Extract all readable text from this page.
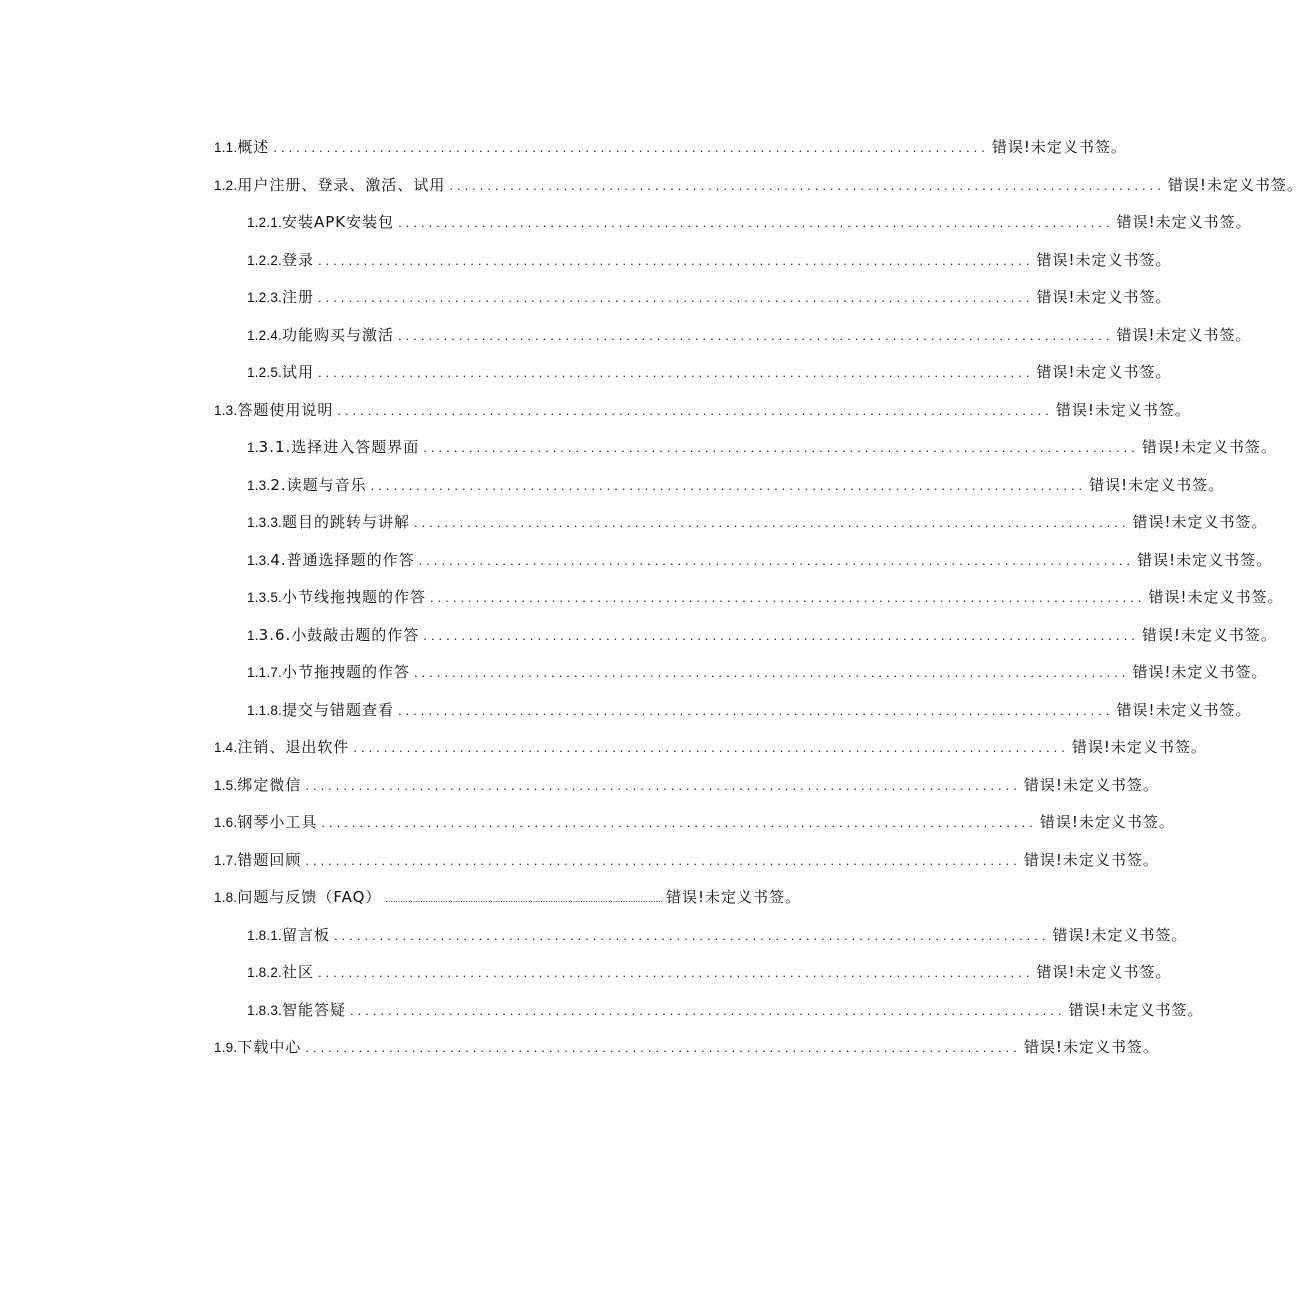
1.1. 概述 .............................................................................................. 错误!未定义书签。
1.2. 用户注册、登录、激活、试用 .............................................................................................. 错误!未定义书签。
1.2.1. 安装APK安装包 .............................................................................................. 错误!未定义书签。
1.2.2. 登录 .............................................................................................. 错误!未定义书签。
1.2.3. 注册 .............................................................................................. 错误!未定义书签。
1.2.4. 功能购买与激活 .............................................................................................. 错误!未定义书签。
1.2.5. 试用 .............................................................................................. 错误!未定义书签。
1.3. 答题使用说明 .............................................................................................. 错误!未定义书签。
1. 3.1.选择进入答题界面 .............................................................................................. 错误!未定义书签。
1.3. 2.读题与音乐 .............................................................................................. 错误!未定义书签。
1.3.3. 题目的跳转与讲解 .............................................................................................. 错误!未定义书签。
1.3. 4.普通选择题的作答 .............................................................................................. 错误!未定义书签。
1.3.5. 小节线拖拽题的作答 .............................................................................................. 错误!未定义书签。
1. 3.6.小鼓敲击题的作答 .............................................................................................. 错误!未定义书签。
1.1.7. 小节拖拽题的作答 .............................................................................................. 错误!未定义书签。
1.1.8. 提交与错题查看 .............................................................................................. 错误!未定义书签。
1.4. 注销、退出软件 .............................................................................................. 错误!未定义书签。
1.5. 绑定微信 .............................................................................................. 错误!未定义书签。
1.6. 钢琴小工具 .............................................................................................. 错误!未定义书签。
1.7. 错题回顾 .............................................................................................. 错误!未定义书签。
1.8. 问题与反馈（FAQ） ............................................................................................................... 错误!未定义书签。
1.8.1. 留言板 .............................................................................................. 错误!未定义书签。
1.8.2. 社区 .............................................................................................. 错误!未定义书签。
1.8.3. 智能答疑 .............................................................................................. 错误!未定义书签。
1.9. 下载中心 .............................................................................................. 错误!未定义书签。
